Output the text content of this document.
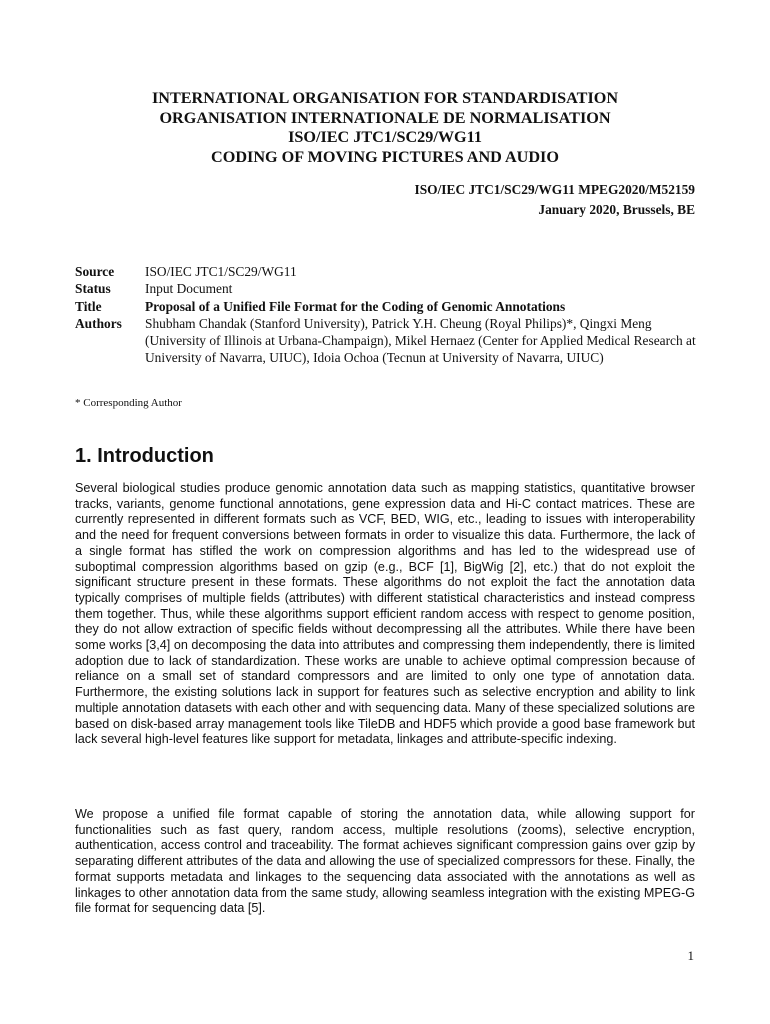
INTERNATIONAL ORGANISATION FOR STANDARDISATION
ORGANISATION INTERNATIONALE DE NORMALISATION
ISO/IEC JTC1/SC29/WG11
CODING OF MOVING PICTURES AND AUDIO
ISO/IEC JTC1/SC29/WG11 MPEG2020/M52159
January 2020, Brussels, BE
Source	ISO/IEC JTC1/SC29/WG11
Status	Input Document
Title	Proposal of a Unified File Format for the Coding of Genomic Annotations
Authors	Shubham Chandak (Stanford University), Patrick Y.H. Cheung (Royal Philips)*, Qingxi Meng (University of Illinois at Urbana-Champaign), Mikel Hernaez (Center for Applied Medical Research at University of Navarra, UIUC), Idoia Ochoa (Tecnun at University of Navarra, UIUC)
* Corresponding Author
1. Introduction

Several biological studies produce genomic annotation data such as mapping statistics, quantitative browser tracks, variants, genome functional annotations, gene expression data and Hi-C contact matrices. These are currently represented in different formats such as VCF, BED, WIG, etc., leading to issues with interoperability and the need for frequent conversions between formats in order to visualize this data. Furthermore, the lack of a single format has stifled the work on compression algorithms and has led to the widespread use of suboptimal compression algorithms based on gzip (e.g., BCF [1], BigWig [2], etc.) that do not exploit the significant structure present in these formats. These algorithms do not exploit the fact the annotation data typically comprises of multiple fields (attributes) with different statistical characteristics and instead compress them together. Thus, while these algorithms support efficient random access with respect to genome position, they do not allow extraction of specific fields without decompressing all the attributes. While there have been some works [3,4] on decomposing the data into attributes and compressing them independently, there is limited adoption due to lack of standardization. These works are unable to achieve optimal compression because of reliance on a small set of standard compressors and are limited to only one type of annotation data. Furthermore, the existing solutions lack in support for features such as selective encryption and ability to link multiple annotation datasets with each other and with sequencing data. Many of these specialized solutions are based on disk-based array management tools like TileDB and HDF5 which provide a good base framework but lack several high-level features like support for metadata, linkages and attribute-specific indexing.

We propose a unified file format capable of storing the annotation data, while allowing support for functionalities such as fast query, random access, multiple resolutions (zooms), selective encryption, authentication, access control and traceability. The format achieves significant compression gains over gzip by separating different attributes of the data and allowing the use of specialized compressors for these. Finally, the format supports metadata and linkages to the sequencing data associated with the annotations as well as linkages to other annotation data from the same study, allowing seamless integration with the existing MPEG-G file format for sequencing data [5].

1
